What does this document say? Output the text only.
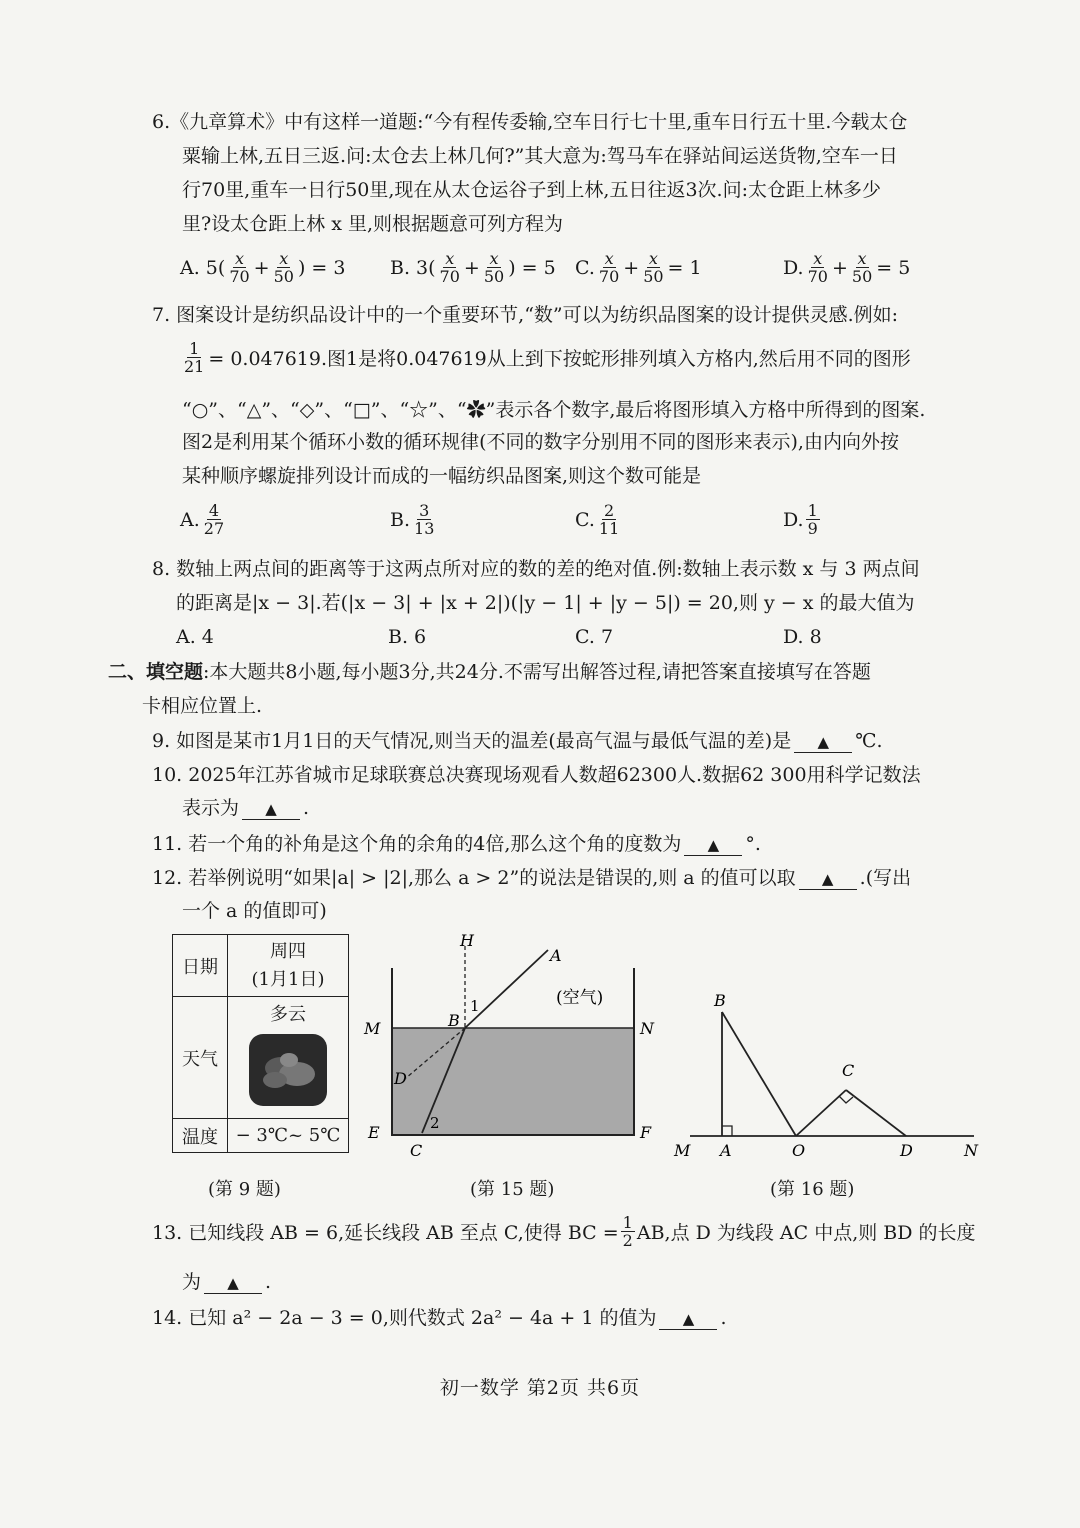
6.《九章算术》中有这样一道题:“今有程传委输,空车日行七十里,重车日行五十里.今载太仓
粟输上林,五日三返.问:太仓去上林几何?”其大意为:驾马车在驿站间运送货物,空车一日
行70里,重车一日行50里,现在从太仓运谷子到上林,五日往返3次.问:太仓距上林多少
里?设太仓距上林 x 里,则根据题意可列方程为
A. $5( \frac{x}{70} + \frac{x}{50}$ ) = 3 B. $3( \frac{x}{70} + \frac{x}{50}$ ) = 5 C. $\frac{x}{70} + \frac{x}{50} = 1$	D. $\frac{x}{70} + \frac{x}{50} = 5$
7. 图案设计是纺织品设计中的一个重要环节,“数”可以为纺织品图案的设计提供灵感.例如:
$\frac{1}{21} = 0.047619$.图1是将0.047619从上到下按蛇形排列填入方格内,然后用不同的图形
“○”、“△”、“◇”、“□”、“☆”、“✿”表示各个数字,最后将图形填入方格中所得到的图案.
图2是利用某个循环小数的循环规律(不同的数字分别用不同的图形来表示),由内向外按
某种顺序螺旋排列设计而成的一幅纺织品图案,则这个数可能是
A. $\frac{4}{27}$	B. $\frac{3}{13}$	C. $\frac{2}{11}$	D. $\frac{1}{9}$
8. 数轴上两点间的距离等于这两点所对应的数的差的绝对值.例:数轴上表示数 x 与 3 两点间
的距离是|x − 3|.若(|x − 3| + |x + 2|)(|y − 1| + |y − 5|) = 20,则 y − x 的最大值为
A. 4	B. 6	C. 7	D. 8
二、填空题:本大题共8小题,每小题3分,共24分.不需写出解答过程,请把答案直接填写在答题
卡相应位置上.
9. 如图是某市1月1日的天气情况,则当天的温差(最高气温与最低气温的差)是 ▲ ℃.
10. 2025年江苏省城市足球联赛总决赛现场观看人数超62300人.数据62 300用科学记数法
表示为 ▲ .
11. 若一个角的补角是这个角的余角的4倍,那么这个角的度数为 ▲ °.
12. 若举例说明“如果|a| > |2|,那么 a > 2”的说法是错误的,则 a 的值可以取 ▲ .(写出
一个 a 的值即可)
日期	周四
(1月1日)

天气	多云

温度	− 3℃~ 5℃
(第 9 题)
H
A
(空气)
M	N
B
1
D
E	F
2
C
(第 15 题)
B
C
M A	O	D	N
(第 16 题)
13. 已知线段 AB = 6,延长线段 AB 至点 C,使得 BC = $\frac{1}{2}$ AB,点 D 为线段 AC 中点,则 BD 的长度
为 ▲ .
14. 已知 a² − 2a − 3 = 0,则代数式 2a² − 4a + 1 的值为 ▲ .
初一数学 第2页 共6页
